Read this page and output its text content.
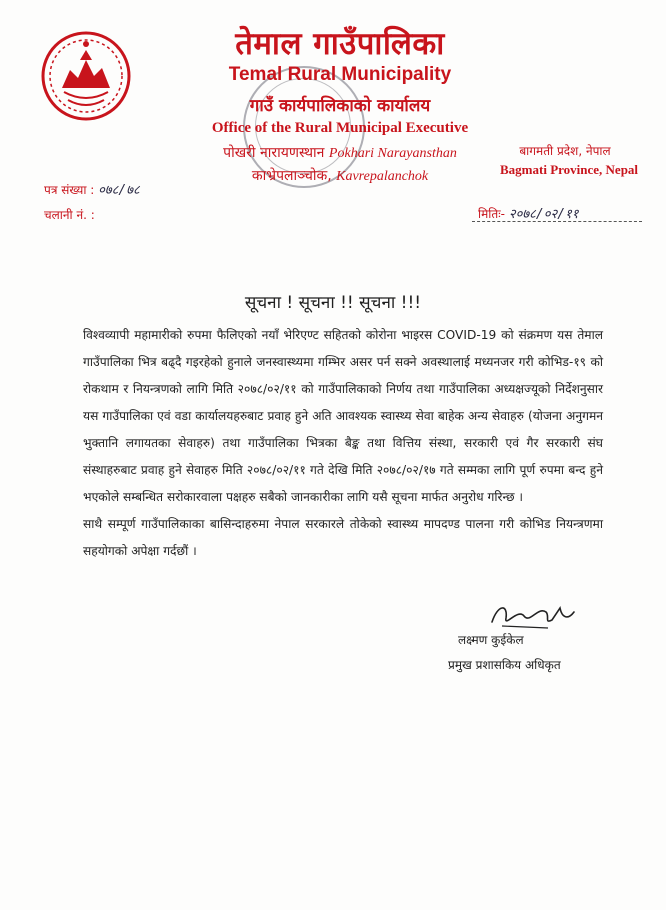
तेमाल गाउँपालिका
Temal Rural Municipality
गाउँ कार्यपालिकाको कार्यालय
Office of the Rural Municipal Executive
पोखरी नारायणस्थान Pokhari Narayansthan
काभ्रेपलाञ्चोक, Kavrepalanchok
बागमती प्रदेश, नेपाल
Bagmati Province, Nepal
पत्र संख्या : ०७८/७८
चलानी नं. :	मितिः- २०७८/०२/११
सूचना ! सूचना !! सूचना !!!

विश्वव्यापी महामारीको रुपमा फैलिएको नयाँ भेरिएण्ट सहितको कोरोना भाइरस COVID-19 को संक्रमण यस तेमाल गाउँपालिका भित्र बढ्दै गइरहेको हुनाले जनस्वास्थ्यमा गम्भिर असर पर्न सक्ने अवस्थालाई मध्यनजर गरी कोभिड-१९ को रोकथाम र नियन्त्रणको लागि मिति २०७८/०२/११ को गाउँपालिकाको निर्णय तथा गाउँपालिका अध्यक्षज्यूको निर्देशनुसार यस गाउँपालिका एवं वडा कार्यालयहरुबाट प्रवाह हुने अति आवश्यक स्वास्थ्य सेवा बाहेक अन्य सेवाहरु (योजना अनुगमन भुक्तानि लगायतका सेवाहरु) तथा गाउँपालिका भित्रका बैङ्क तथा वित्तिय संस्था, सरकारी एवं गैर सरकारी संघ संस्थाहरुबाट प्रवाह हुने सेवाहरु मिति २०७८/०२/११ गते देखि मिति २०७८/०२/१७ गते सम्मका लागि पूर्ण रुपमा बन्द हुने भएकोले सम्बन्धित सरोकारवाला पक्षहरु सबैको जानकारीका लागि यसै सूचना मार्फत अनुरोध गरिन्छ ।

साथै सम्पूर्ण गाउँपालिकाका बासिन्दाहरुमा नेपाल सरकारले तोकेको स्वास्थ्य मापदण्ड पालना गरी कोभिड नियन्त्रणमा सहयोगको अपेक्षा गर्दछौं ।

लक्ष्मण कुईकेल
प्रमुख प्रशासकिय अधिकृत
